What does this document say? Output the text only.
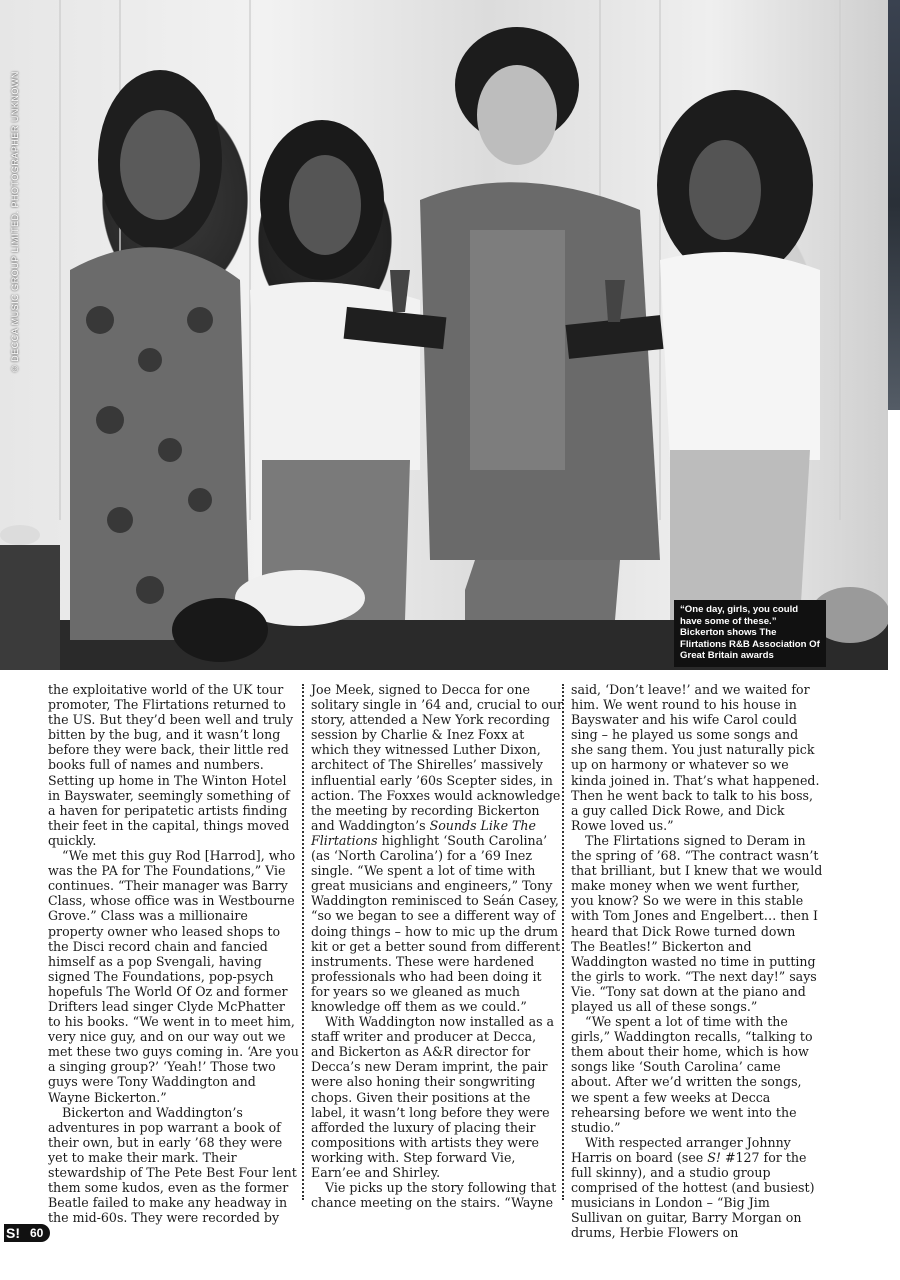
© DECCA MUSIC GROUP LIMITED. PHOTOGRAPHER UNKNOWN
“One day, girls, you could have some of these.” Bickerton shows The Flirtations R&B Association Of Great Britain awards

the exploitative world of the UK tour promoter, The Flirtations returned to the US. But they’d been well and truly bitten by the bug, and it wasn’t long before they were back, their little red books full of names and numbers. Setting up home in The Winton Hotel in Bayswater, seemingly something of a haven for peripatetic artists finding their feet in the capital, things moved quickly.

“We met this guy Rod [Harrod], who was the PA for The Foundations,” Vie continues. “Their manager was Barry Class, whose office was in Westbourne Grove.” Class was a millionaire property owner who leased shops to the Disci record chain and fancied himself as a pop Svengali, having signed The Foundations, pop-psych hopefuls The World Of Oz and former Drifters lead singer Clyde McPhatter to his books. “We went in to meet him, very nice guy, and on our way out we met these two guys coming in. ‘Are you a singing group?’ ‘Yeah!’ Those two guys were Tony Waddington and Wayne Bickerton.”

Bickerton and Waddington’s adventures in pop warrant a book of their own, but in early ’68 they were yet to make their mark. Their stewardship of The Pete Best Four lent them some kudos, even as the former Beatle failed to make any headway in the mid-60s. They were recorded by

Joe Meek, signed to Decca for one solitary single in ’64 and, crucial to our story, attended a New York recording session by Charlie & Inez Foxx at which they witnessed Luther Dixon, architect of The Shirelles’ massively influential early ’60s Scepter sides, in action. The Foxxes would acknowledge the meeting by recording Bickerton and Waddington’s Sounds Like The Flirtations highlight ‘South Carolina’ (as ‘North Carolina’) for a ’69 Inez single. “We spent a lot of time with great musicians and engineers,” Tony Waddington reminisced to Seán Casey, “so we began to see a different way of doing things – how to mic up the drum kit or get a better sound from different instruments. These were hardened professionals who had been doing it for years so we gleaned as much knowledge off them as we could.”

With Waddington now installed as a staff writer and producer at Decca, and Bickerton as A&R director for Decca’s new Deram imprint, the pair were also honing their songwriting chops. Given their positions at the label, it wasn’t long before they were afforded the luxury of placing their compositions with artists they were working with. Step forward Vie, Earn’ee and Shirley.

Vie picks up the story following that chance meeting on the stairs. “Wayne

said, ‘Don’t leave!’ and we waited for him. We went round to his house in Bayswater and his wife Carol could sing – he played us some songs and she sang them. You just naturally pick up on harmony or whatever so we kinda joined in. That’s what happened. Then he went back to talk to his boss, a guy called Dick Rowe, and Dick Rowe loved us.”

The Flirtations signed to Deram in the spring of ’68. “The contract wasn’t that brilliant, but I knew that we would make money when we went further, you know? So we were in this stable with Tom Jones and Engelbert… then I heard that Dick Rowe turned down The Beatles!” Bickerton and Waddington wasted no time in putting the girls to work. “The next day!” says Vie. “Tony sat down at the piano and played us all of these songs.”

“We spent a lot of time with the girls,” Waddington recalls, “talking to them about their home, which is how songs like ‘South Carolina’ came about. After we’d written the songs, we spent a few weeks at Decca rehearsing before we went into the studio.”

With respected arranger Johnny Harris on board (see S! #127 for the full skinny), and a studio group comprised of the hottest (and busiest) musicians in London – “Big Jim Sullivan on guitar, Barry Morgan on drums, Herbie Flowers on

S! 60
